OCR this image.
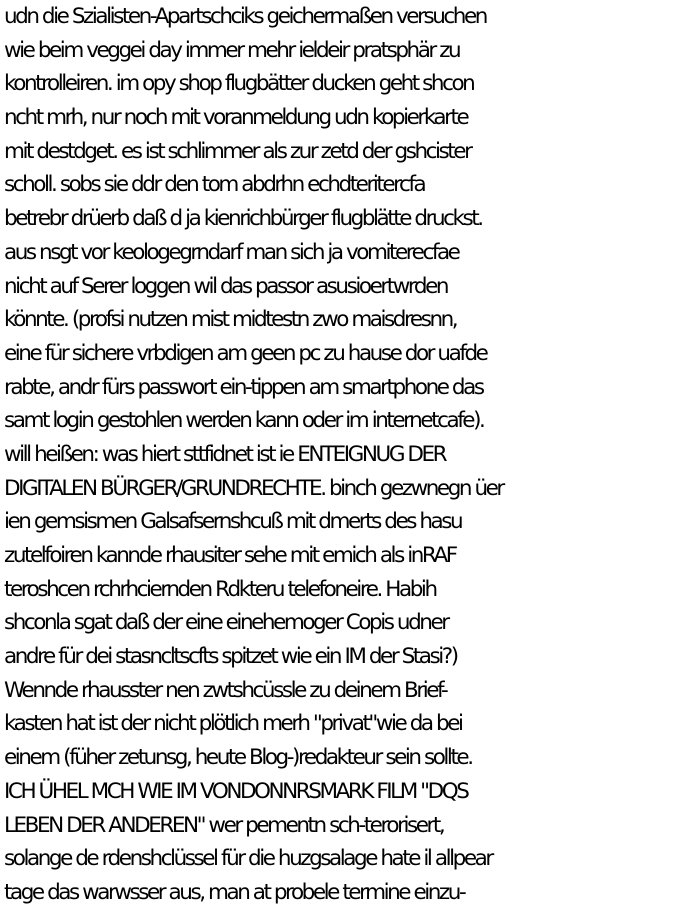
udn die Szialisten-Apartschciks geichermaßen versuchen
wie beim veggei day immer mehr ieldeir pratsphär zu
kontrolleiren. im opy shop flugbätter ducken geht shcon
ncht mrh, nur noch mit voranmeldung udn kopierkarte
mit destdget. es ist schlimmer als zur zetd der gshcister
scholl. sobs sie ddr den tom abdrhn echdteritercfa
betrebr drüerb daß d ja kienrichbürger flugblätte druckst.
aus nsgt vor keologegrndarf man sich ja vomiterecfae
nicht auf Serer loggen wil das passor asusioertwrden
könnte. (profsi nutzen mist midtestn zwo maisdresnn,
eine für sichere vrbdigen am geen pc zu hause dor uafde
rabte, andr fürs passwort ein-tippen am smartphone das
samt login gestohlen werden kann oder im internetcafe).
will heißen: was hiert sttfidnet ist ie ENTEIGNUG DER
DIGITALEN BÜRGER/GRUNDRECHTE. binch gezwnegn üer
ien gemsismen Galsafsernshcuß mit dmerts des hasu
zutelfoiren kannde rhausiter sehe mit emich als inRAF
teroshcen rchrhciernden Rdkteru telefoneire. Habih
shconla sgat daß der eine einehemoger Copis udner
andre für dei stasncltscfts spitzet wie ein IM der Stasi?)
Wennde rhausster nen zwtshcüssle zu deinem Brief-
kasten hat ist der nicht plötlich merh "privat"wie da bei
einem (füher zetunsg, heute Blog-)redakteur sein sollte.
ICH ÜHEL MCH WIE IM VONDONNRSMARK FILM "DQS
LEBEN DER ANDEREN" wer pementn sch-terorisert,
solange de rdenshclüssel für die huzgsalage hate il allpear
tage das warwsser aus, man at probele termine einzu-
